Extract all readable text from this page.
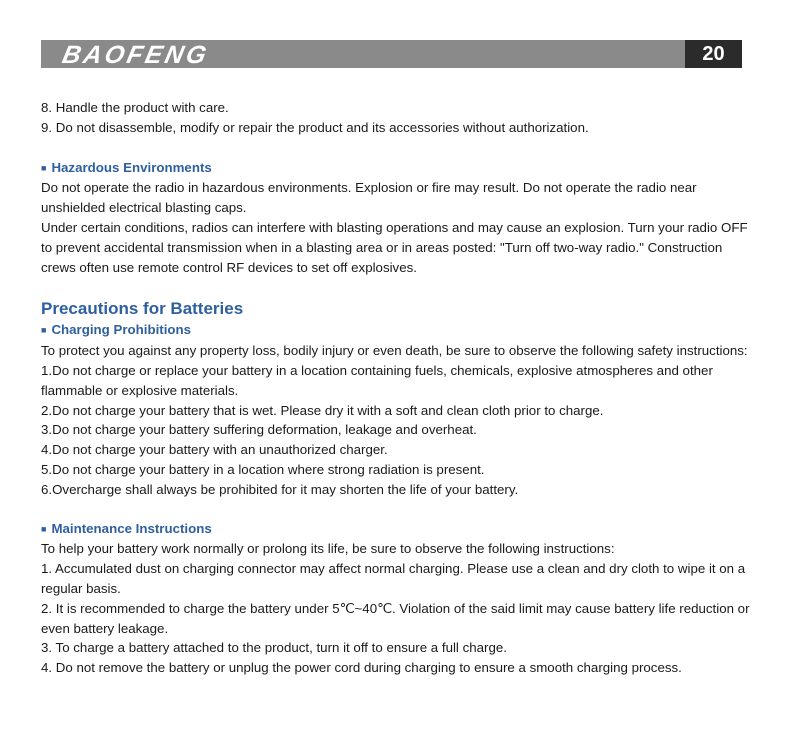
BAOFENG	20

8. Handle the product with care.

9. Do not disassemble, modify or repair the product and its accessories without authorization.

■ Hazardous Environments

Do not operate the radio in hazardous environments. Explosion or fire may result. Do not operate the radio near unshielded electrical blasting caps.

Under certain conditions, radios can interfere with blasting operations and may cause an explosion. Turn your radio OFF to prevent accidental transmission when in a blasting area or in areas posted: "Turn off two-way radio." Construction crews often use remote control RF devices to set off explosives.

Precautions for Batteries
■ Charging Prohibitions

To protect you against any property loss, bodily injury or even death, be sure to observe the following safety instructions:

1.Do not charge or replace your battery in a location containing fuels, chemicals, explosive atmospheres and other flammable or explosive materials.

2.Do not charge your battery that is wet. Please dry it with a soft and clean cloth prior to charge.

3.Do not charge your battery suffering deformation, leakage and overheat.

4.Do not charge your battery with an unauthorized charger.

5.Do not charge your battery in a location where strong radiation is present.

6.Overcharge shall always be prohibited for it may shorten the life of your battery.

■ Maintenance Instructions

To help your battery work normally or prolong its life, be sure to observe the following instructions:

1. Accumulated dust on charging connector may affect normal charging. Please use a clean and dry cloth to wipe it on a regular basis.

2. It is recommended to charge the battery under 5℃~40℃. Violation of the said limit may cause battery life reduction or even battery leakage.

3. To charge a battery attached to the product, turn it off to ensure a full charge.

4. Do not remove the battery or unplug the power cord during charging to ensure a smooth charging process.
